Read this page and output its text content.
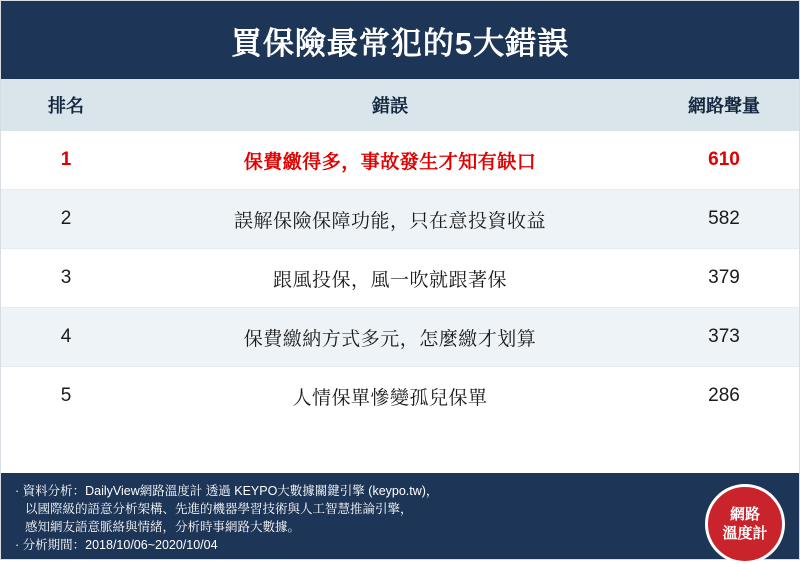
買保險最常犯的5大錯誤
排名	錯誤	網路聲量
1	保費繳得多，事故發生才知有缺口	610
2	誤解保險保障功能，只在意投資收益	582
3	跟風投保，風一吹就跟著保	379
4	保費繳納方式多元，怎麼繳才划算	373
5	人情保單慘變孤兒保單	286
· 資料分析：DailyView網路溫度計 透過 KEYPO大數據關鍵引擎 (keypo.tw)，
以國際級的語意分析架構、先進的機器學習技術與人工智慧推論引擎，
感知網友語意脈絡與情緒，分析時事網路大數據。
· 分析期間：2018/10/06~2020/10/04
網路
溫度計
